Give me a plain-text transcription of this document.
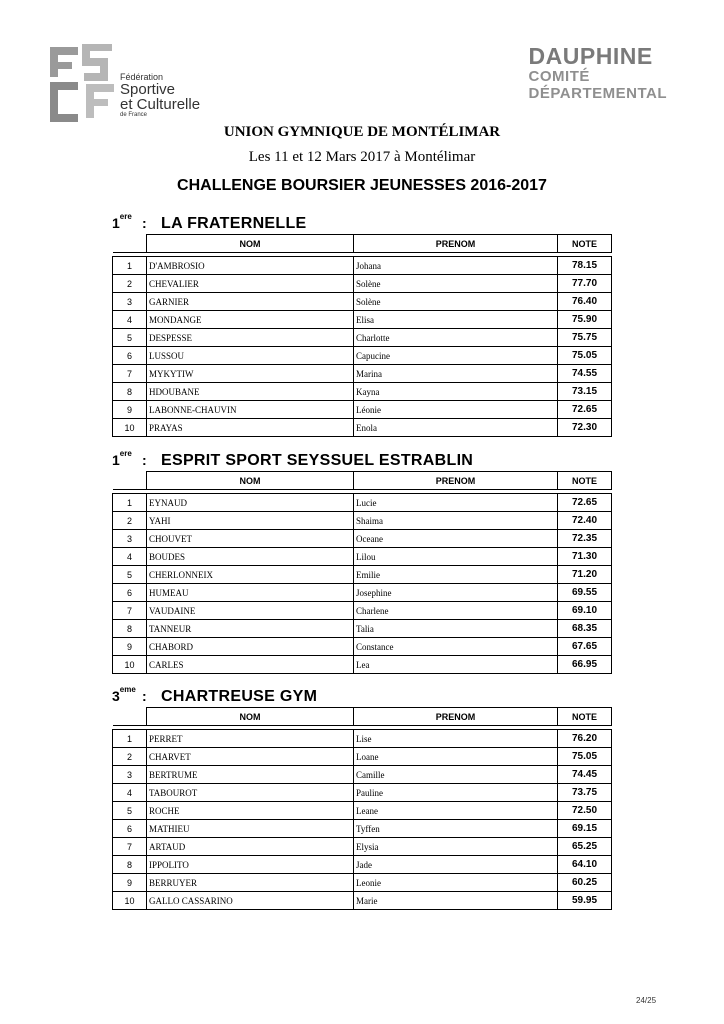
Fédération
Sportive
et Culturelle
de France
DAUPHINE
COMITÉ
DÉPARTEMENTAL
UNION GYMNIQUE DE MONTÉLIMAR
Les 11 et 12 Mars 2017 à Montélimar
CHALLENGE BOURSIER JEUNESSES 2016-2017
1ere : LA FRATERNELLE
	NOM	PRENOM	NOTE

1	D'AMBROSIO	Johana	78.15
2	CHEVALIER	Solène	77.70
3	GARNIER	Solène	76.40
4	MONDANGE	Elisa	75.90
5	DESPESSE	Charlotte	75.75
6	LUSSOU	Capucine	75.05
7	MYKYTIW	Marina	74.55
8	HDOUBANE	Kayna	73.15
9	LABONNE-CHAUVIN	Léonie	72.65
10	PRAYAS	Enola	72.30
1ere : ESPRIT SPORT SEYSSUEL ESTRABLIN
	NOM	PRENOM	NOTE

1	EYNAUD	Lucie	72.65
2	YAHI	Shaima	72.40
3	CHOUVET	Oceane	72.35
4	BOUDES	Lilou	71.30
5	CHERLONNEIX	Emilie	71.20
6	HUMEAU	Josephine	69.55
7	VAUDAINE	Charlene	69.10
8	TANNEUR	Talia	68.35
9	CHABORD	Constance	67.65
10	CARLES	Lea	66.95
3eme : CHARTREUSE GYM
	NOM	PRENOM	NOTE

1	PERRET	Lise	76.20
2	CHARVET	Loane	75.05
3	BERTRUME	Camille	74.45
4	TABOUROT	Pauline	73.75
5	ROCHE	Leane	72.50
6	MATHIEU	Tyffen	69.15
7	ARTAUD	Elysia	65.25
8	IPPOLITO	Jade	64.10
9	BERRUYER	Leonie	60.25
10	GALLO CASSARINO	Marie	59.95
24/25
